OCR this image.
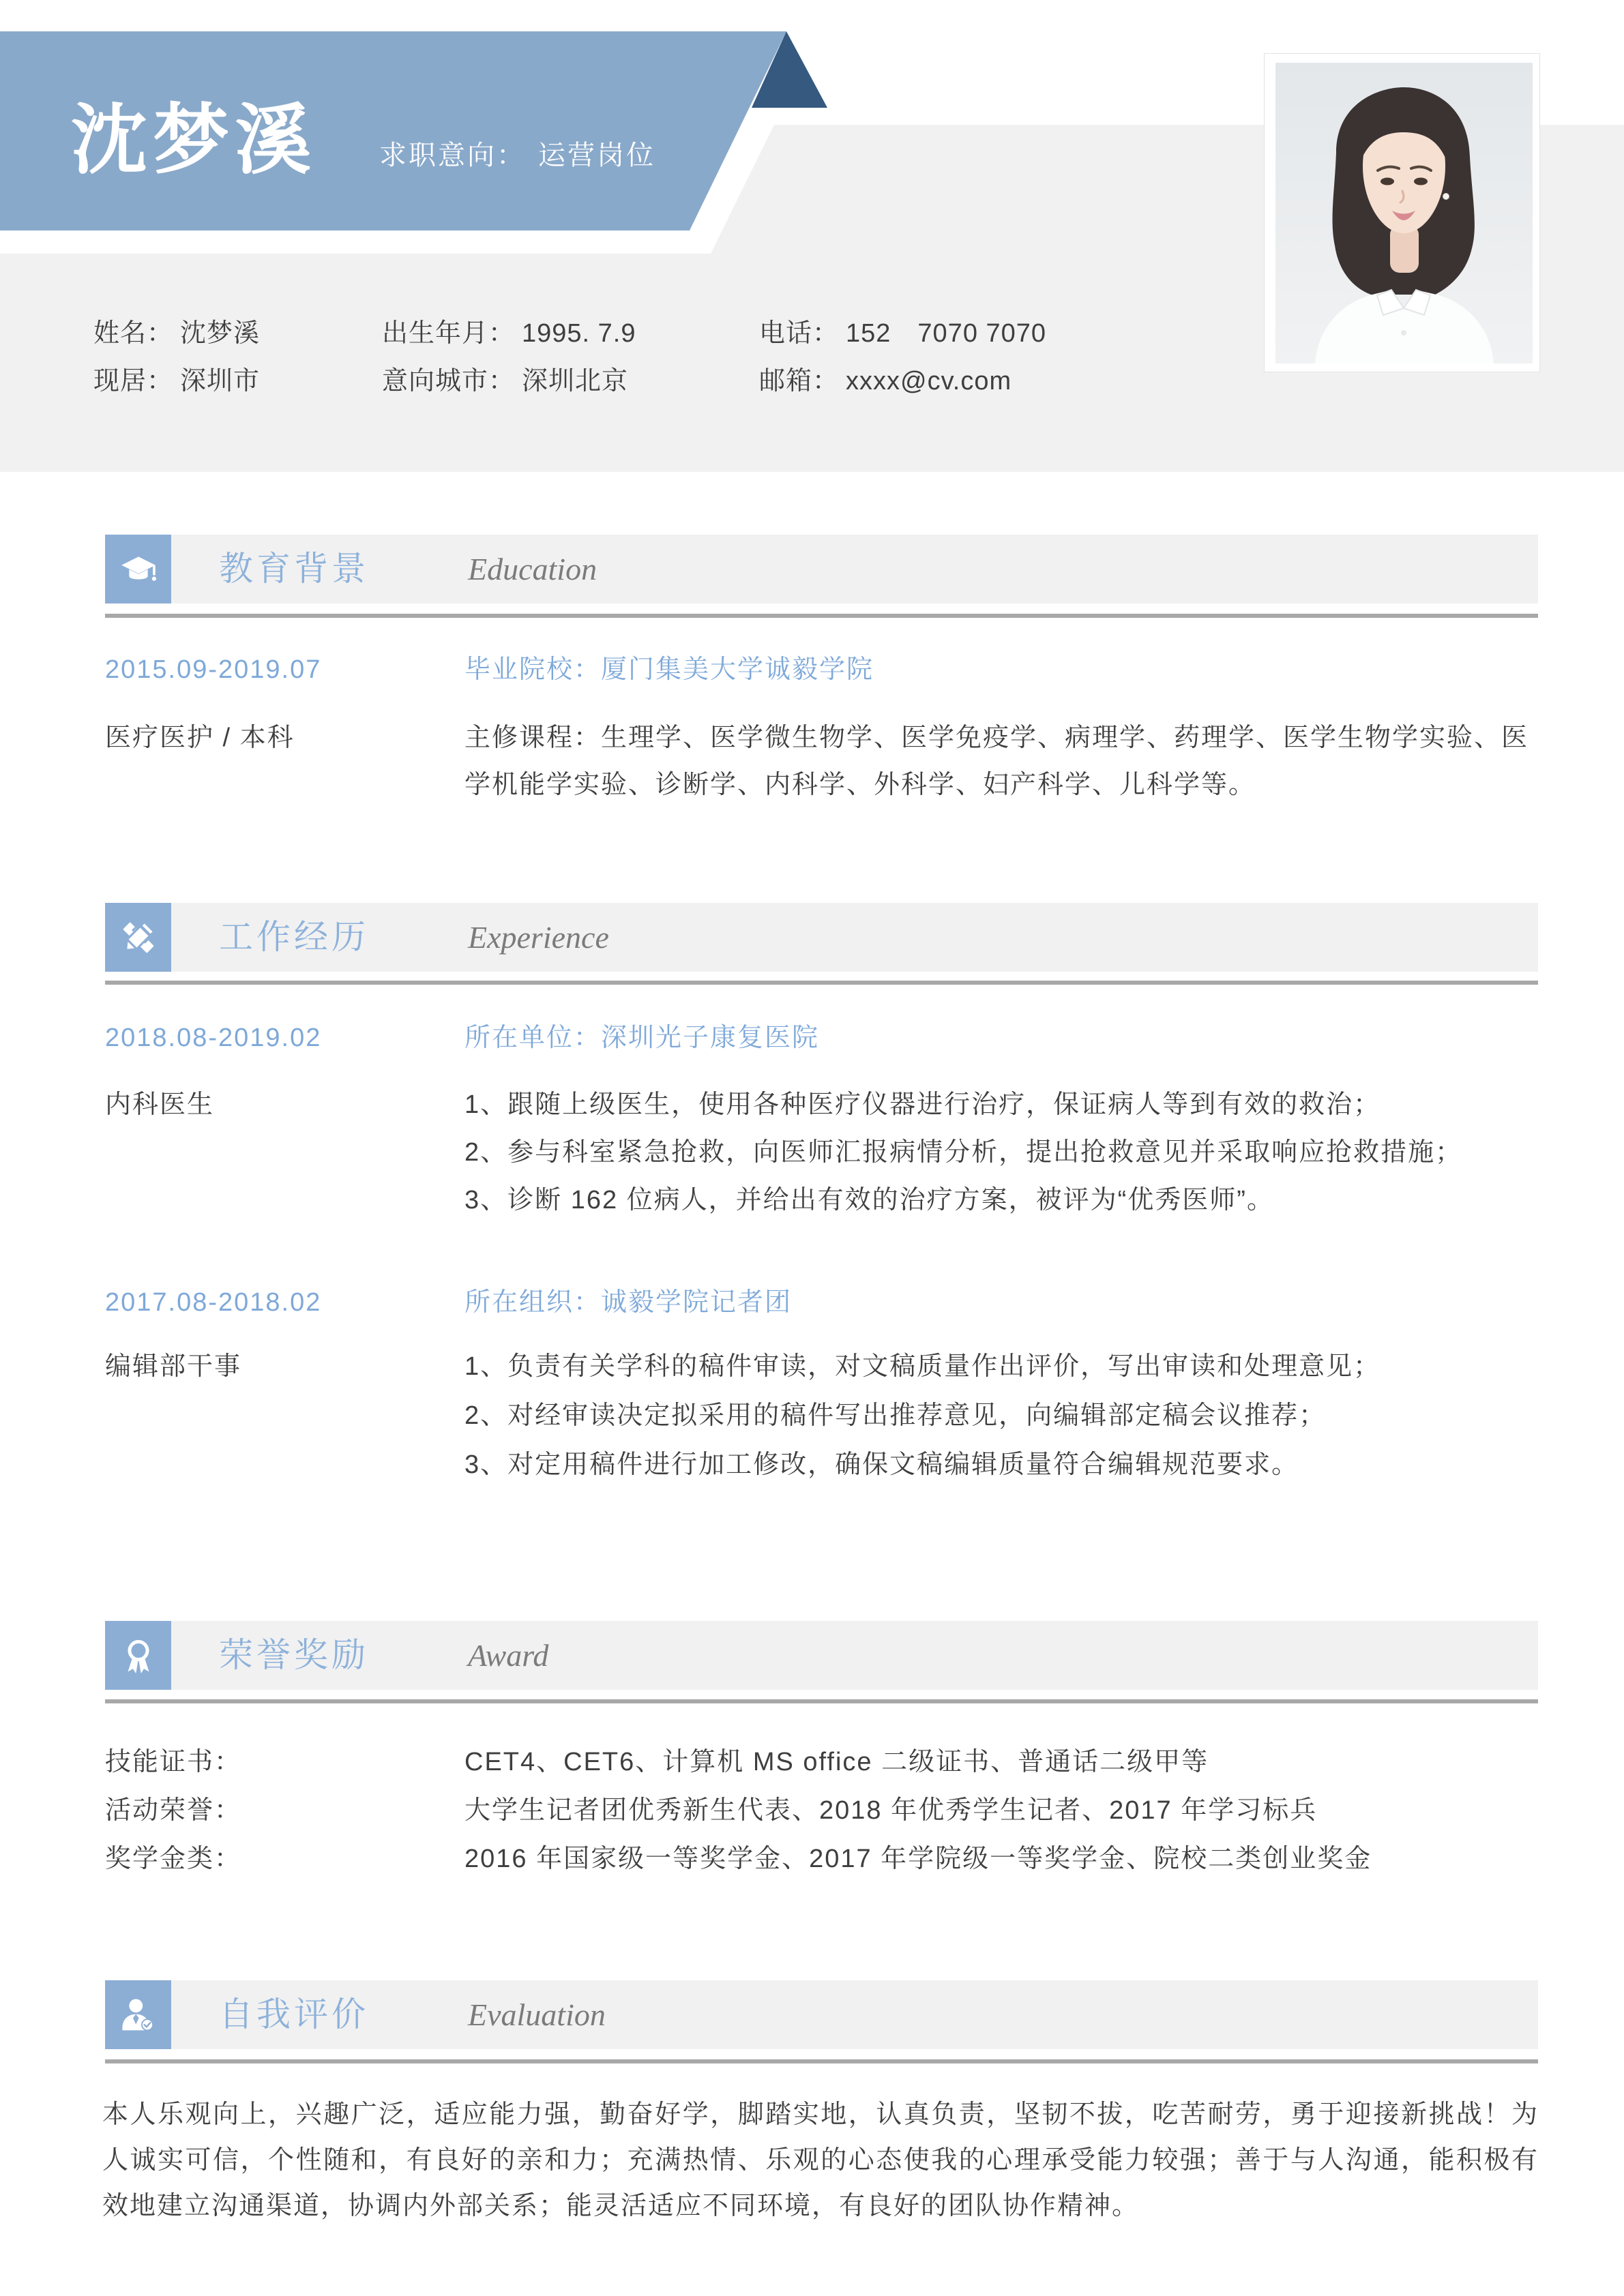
沈梦溪 求职意向： 运营岗位
姓名： 沈梦溪	出生年月： 1995. 7.9	电话： 152　7070 7070
现居： 深圳市	意向城市： 深圳北京	邮箱： xxxx@cv.com
教育背景	Education
2015.09-2019.07	毕业院校：厦门集美大学诚毅学院
医疗医护 / 本科	主修课程：生理学、医学微生物学、医学免疫学、病理学、药理学、医学生物学实验、医学机能学实验、诊断学、内科学、外科学、妇产科学、儿科学等。
工作经历	Experience
2018.08-2019.02	所在单位：深圳光子康复医院
内科医生	1、跟随上级医生，使用各种医疗仪器进行治疗，保证病人等到有效的救治；
2、参与科室紧急抢救，向医师汇报病情分析，提出抢救意见并采取响应抢救措施；
3、诊断 162 位病人，并给出有效的治疗方案，被评为“优秀医师”。
2017.08-2018.02	所在组织：诚毅学院记者团
编辑部干事	1、负责有关学科的稿件审读，对文稿质量作出评价，写出审读和处理意见；
2、对经审读决定拟采用的稿件写出推荐意见，向编辑部定稿会议推荐；
3、对定用稿件进行加工修改，确保文稿编辑质量符合编辑规范要求。
荣誉奖励	Award
技能证书：	CET4、CET6、计算机 MS office 二级证书、普通话二级甲等
活动荣誉：	大学生记者团优秀新生代表、2018 年优秀学生记者、2017 年学习标兵
奖学金类：	2016 年国家级一等奖学金、2017 年学院级一等奖学金、院校二类创业奖金
自我评价	Evaluation
本人乐观向上，兴趣广泛，适应能力强，勤奋好学，脚踏实地，认真负责，坚韧不拔，吃苦耐劳，勇于迎接新挑战！为人诚实可信，个性随和，有良好的亲和力；充满热情、乐观的心态使我的心理承受能力较强；善于与人沟通，能积极有效地建立沟通渠道，协调内外部关系；能灵活适应不同环境，有良好的团队协作精神。
